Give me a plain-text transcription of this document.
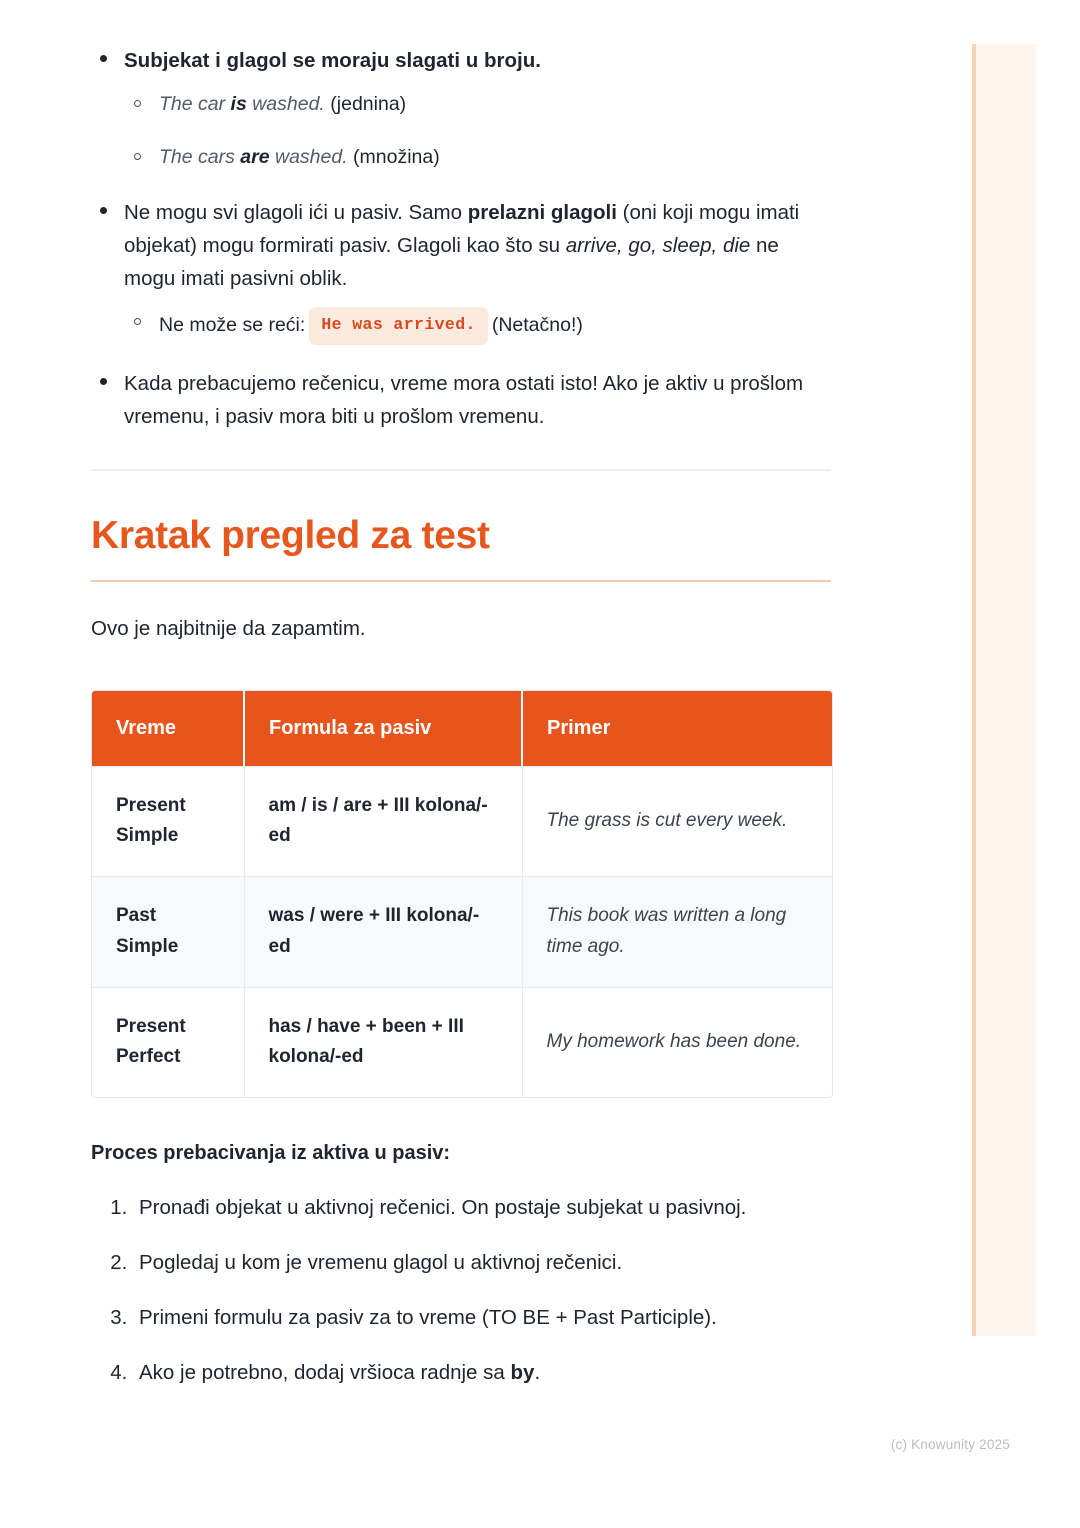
Subjekat i glagol se moraju slagati u broju.
The car is washed. (jednina)
The cars are washed. (množina)
Ne mogu svi glagoli ići u pasiv. Samo prelazni glagoli (oni koji mogu imati objekat) mogu formirati pasiv. Glagoli kao što su arrive, go, sleep, die ne mogu imati pasivni oblik.
Ne može se reći: He was arrived. (Netačno!)
Kada prebacujemo rečenicu, vreme mora ostati isto! Ako je aktiv u prošlom vremenu, i pasiv mora biti u prošlom vremenu.
Kratak pregled za test

Ovo je najbitnije da zapamtim.

Vreme	Formula za pasiv	Primer
Present Simple	am / is / are + III kolona/-ed	The grass is cut every week.
Past Simple	was / were + III kolona/-ed	This book was written a long time ago.
Present Perfect	has / have + been + III kolona/-ed	My homework has been done.
Proces prebacivanja iz aktiva u pasiv:
1. Pronađi objekat u aktivnoj rečenici. On postaje subjekat u pasivnoj.
2. Pogledaj u kom je vremenu glagol u aktivnoj rečenici.
3. Primeni formulu za pasiv za to vreme (TO BE + Past Participle).
4. Ako je potrebno, dodaj vršioca radnje sa by.
(c) Knowunity 2025
